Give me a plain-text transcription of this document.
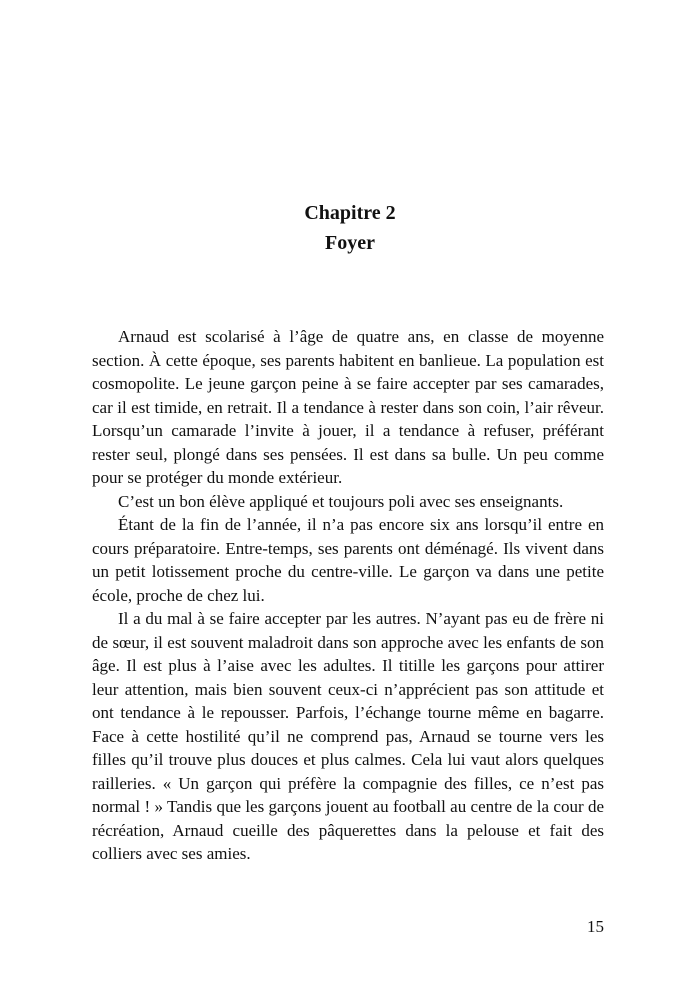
Chapitre 2
Foyer

Arnaud est scolarisé à l’âge de quatre ans, en classe de moyenne section. À cette époque, ses parents habitent en banlieue. La population est cosmopolite. Le jeune garçon peine à se faire accepter par ses camarades, car il est timide, en retrait. Il a tendance à rester dans son coin, l’air rêveur. Lorsqu’un camarade l’invite à jouer, il a tendance à refuser, préférant rester seul, plongé dans ses pensées. Il est dans sa bulle. Un peu comme pour se protéger du monde extérieur.

C’est un bon élève appliqué et toujours poli avec ses enseignants.

Étant de la fin de l’année, il n’a pas encore six ans lorsqu’il entre en cours préparatoire. Entre-temps, ses parents ont déménagé. Ils vivent dans un petit lotissement proche du centre-ville. Le garçon va dans une petite école, proche de chez lui.

Il a du mal à se faire accepter par les autres. N’ayant pas eu de frère ni de sœur, il est souvent maladroit dans son approche avec les enfants de son âge. Il est plus à l’aise avec les adultes. Il titille les garçons pour attirer leur attention, mais bien souvent ceux-ci n’apprécient pas son attitude et ont tendance à le repousser. Parfois, l’échange tourne même en bagarre. Face à cette hostilité qu’il ne comprend pas, Arnaud se tourne vers les filles qu’il trouve plus douces et plus calmes. Cela lui vaut alors quelques railleries. « Un garçon qui préfère la compagnie des filles, ce n’est pas normal ! » Tandis que les garçons jouent au football au centre de la cour de récréation, Arnaud cueille des pâquerettes dans la pelouse et fait des colliers avec ses amies.

15
